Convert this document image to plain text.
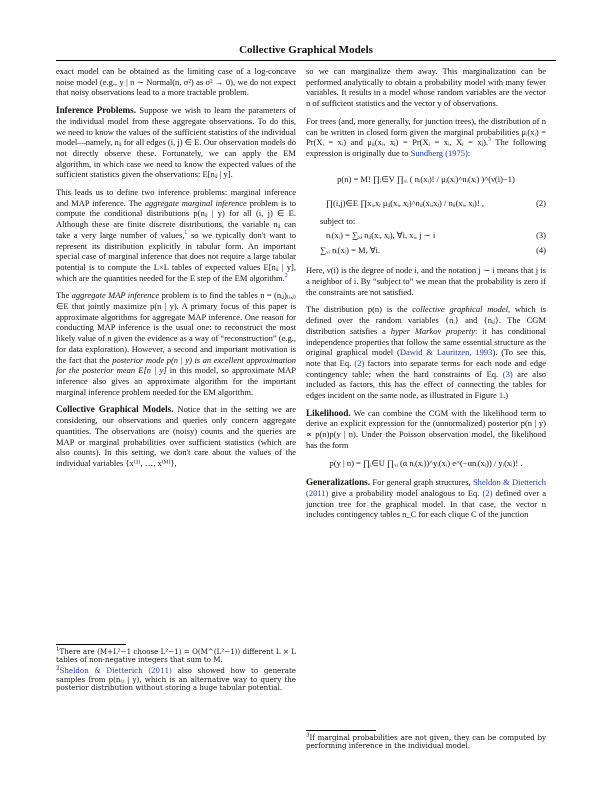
Collective Graphical Models

exact model can be obtained as the limiting case of a log-concave noise model (e.g., y | n ∼ Normal(n, σ²) as σ² → 0), we do not expect that noisy observations lead to a more tractable problem.

Inference Problems. Suppose we wish to learn the parameters of the individual model from these aggregate observations. To do this, we need to know the values of the sufficient statistics of the individual model—namely, nᵢⱼ for all edges (i, j) ∈ E. Our observation models do not directly observe these. Fortunately, we can apply the EM algorithm, in which case we need to know the expected values of the sufficient statistics given the observations: E[nᵢⱼ | y].

This leads us to define two inference problems: marginal inference and MAP inference. The aggregate marginal inference problem is to compute the conditional distributions p(nᵢⱼ | y) for all (i, j) ∈ E. Although these are finite discrete distributions, the variable nᵢⱼ can take a very large number of values,$^1$ so we typically don't want to represent its distribution explicitly in tabular form. An important special case of marginal inference that does not require a large tabular potential is to compute the L×L tables of expected values E[nᵢⱼ | y], which are the quantities needed for the E step of the EM algorithm.$^2$

The aggregate MAP inference problem is to find the tables n = (nᵢⱼ)₍ᵢ,ⱼ₎∈E that jointly maximize p(n | y). A primary focus of this paper is approximate algorithms for aggregate MAP inference. One reason for conducting MAP inference is the usual one: to reconstruct the most likely value of n given the evidence as a way of “reconstruction” (e.g., for data exploration). However, a second and important motivation is the fact that the posterior mode p(n | y) is an excellent approximation for the posterior mean E[n | y] in this model, so approximate MAP inference also gives an approximate algorithm for the important marginal inference problem needed for the EM algorithm.

Collective Graphical Models. Notice that in the setting we are considering, our observations and queries only concern aggregate quantities. The observations are (noisy) counts and the queries are MAP or marginal probabilities over sufficient statistics (which are also counts). In this setting, we don't care about the values of the individual variables {x⁽¹⁾, …, x⁽ᴹ⁾},

$^1$There are (M+L²−1 choose L²−1) = O(M^(L²−1)) different L × L tables of non-negative integers that sum to M.
$^2$Sheldon & Dietterich (2011) also showed how to generate samples from p(nᵢⱼ | y), which is an alternative way to query the posterior distribution without storing a huge tabular potential.

so we can marginalize them away. This marginalization can be performed analytically to obtain a probability model with many fewer variables. It results in a model whose random variables are the vector n of sufficient statistics and the vector y of observations.

For trees (and, more generally, for junction trees), the distribution of n can be written in closed form given the marginal probabilities μᵢ(xᵢ) = Pr(Xᵢ = xᵢ) and μᵢⱼ(xᵢ, xⱼ) = Pr(Xᵢ = xᵢ, Xⱼ = xⱼ).$^3$ The following expression is originally due to Sundberg (1975):

p(n) = M! ∏ᵢ∈V ∏ₓᵢ ( nᵢ(xᵢ)! / μᵢ(xᵢ)^nᵢ(xᵢ) )^(ν(i)−1)
∏(i,j)∈E ∏xᵢ,xⱼ μᵢⱼ(xᵢ, xⱼ)^nᵢⱼ(xᵢ,xⱼ) / nᵢⱼ(xᵢ, xⱼ)! ,	(2)
subject to:
nᵢ(xᵢ) = ∑ₓⱼ nᵢⱼ(xᵢ, xⱼ), ∀i, xᵢ, j ∼ i	(3)
∑ₓᵢ nᵢ(xᵢ) = M, ∀i.	(4)

Here, ν(i) is the degree of node i, and the notation j ∼ i means that j is a neighbor of i. By “subject to” we mean that the probability is zero if the constraints are not satisfied.

The distribution p(n) is the collective graphical model, which is defined over the random variables {nᵢ} and {nᵢⱼ}. The CGM distribution satisfies a hyper Markov property: it has conditional independence properties that follow the same essential structure as the original graphical model (Dawid & Lauritzen, 1993). (To see this, note that Eq. (2) factors into separate terms for each node and edge contingency table; when the hard constraints of Eq. (3) are also included as factors, this has the effect of connecting the tables for edges incident on the same node, as illustrated in Figure 1.)

Likelihood. We can combine the CGM with the likelihood term to derive an explicit expression for the (unnormalized) posterior p(n | y) ∝ p(n)p(y | n). Under the Poisson observation model, the likelihood has the form

p(y | n) = ∏ᵢ∈U ∏ₓᵢ (α nᵢ(xᵢ))^yᵢ(xᵢ) e^(−αnᵢ(xᵢ)) / yᵢ(xᵢ)! .

Generalizations. For general graph structures, Sheldon & Dietterich (2011) give a probability model analogous to Eq. (2) defined over a junction tree for the graphical model. In that case, the vector n includes contingency tables n_C for each clique C of the junction

$^3$If marginal probabilities are not given, they can be computed by performing inference in the individual model.
